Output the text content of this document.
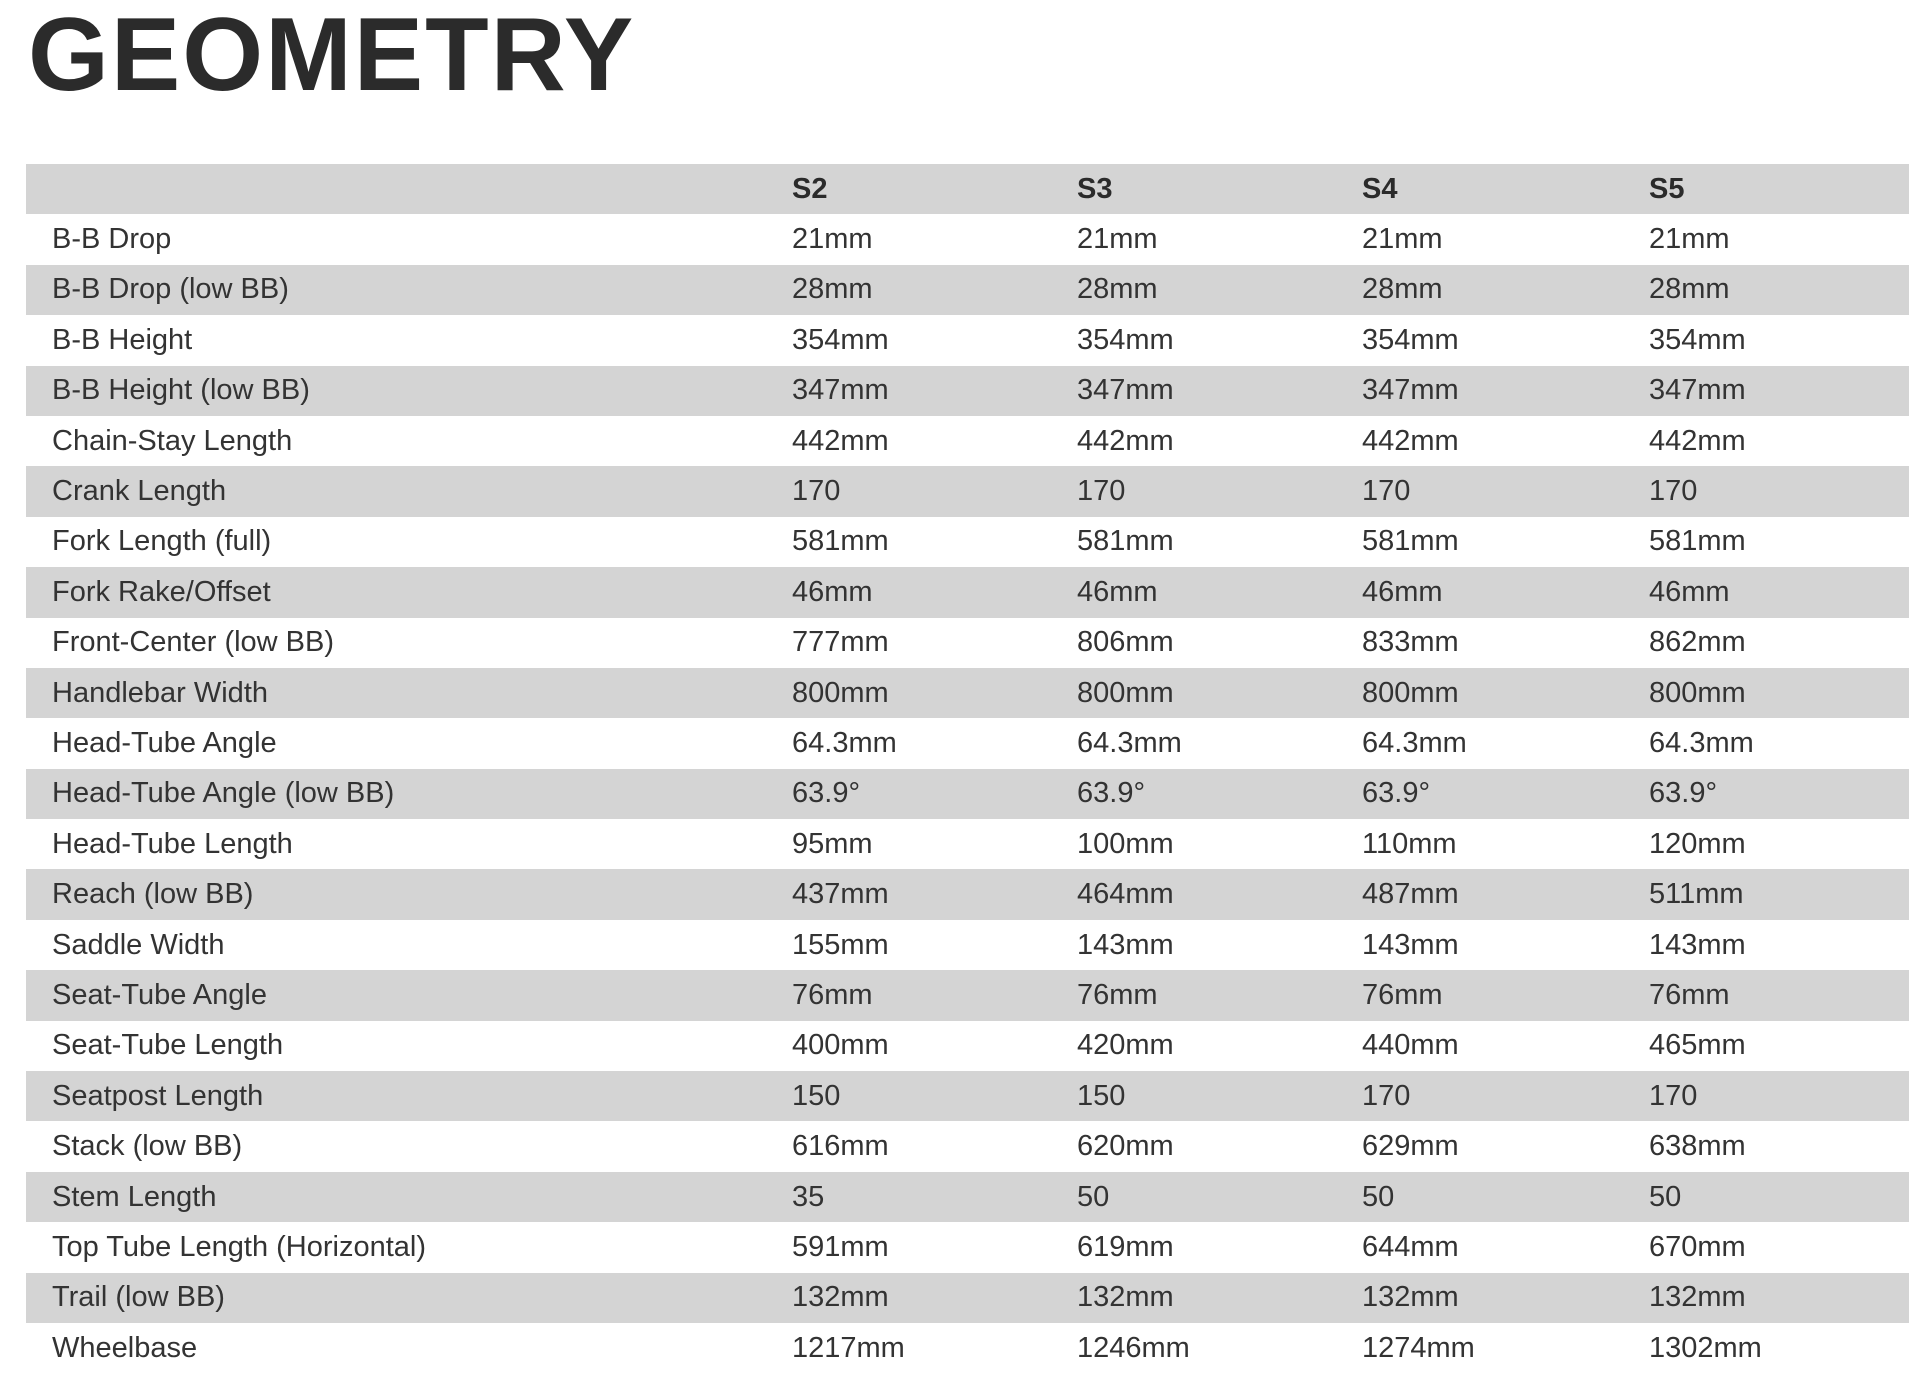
GEOMETRY
	S2	S3	S4	S5
B-B Drop	21mm	21mm	21mm	21mm
B-B Drop (low BB)	28mm	28mm	28mm	28mm
B-B Height	354mm	354mm	354mm	354mm
B-B Height (low BB)	347mm	347mm	347mm	347mm
Chain-Stay Length	442mm	442mm	442mm	442mm
Crank Length	170	170	170	170
Fork Length (full)	581mm	581mm	581mm	581mm
Fork Rake/Offset	46mm	46mm	46mm	46mm
Front-Center (low BB)	777mm	806mm	833mm	862mm
Handlebar Width	800mm	800mm	800mm	800mm
Head-Tube Angle	64.3mm	64.3mm	64.3mm	64.3mm
Head-Tube Angle (low BB)	63.9°	63.9°	63.9°	63.9°
Head-Tube Length	95mm	100mm	110mm	120mm
Reach (low BB)	437mm	464mm	487mm	511mm
Saddle Width	155mm	143mm	143mm	143mm
Seat-Tube Angle	76mm	76mm	76mm	76mm
Seat-Tube Length	400mm	420mm	440mm	465mm
Seatpost Length	150	150	170	170
Stack (low BB)	616mm	620mm	629mm	638mm
Stem Length	35	50	50	50
Top Tube Length (Horizontal)	591mm	619mm	644mm	670mm
Trail (low BB)	132mm	132mm	132mm	132mm
Wheelbase	1217mm	1246mm	1274mm	1302mm
